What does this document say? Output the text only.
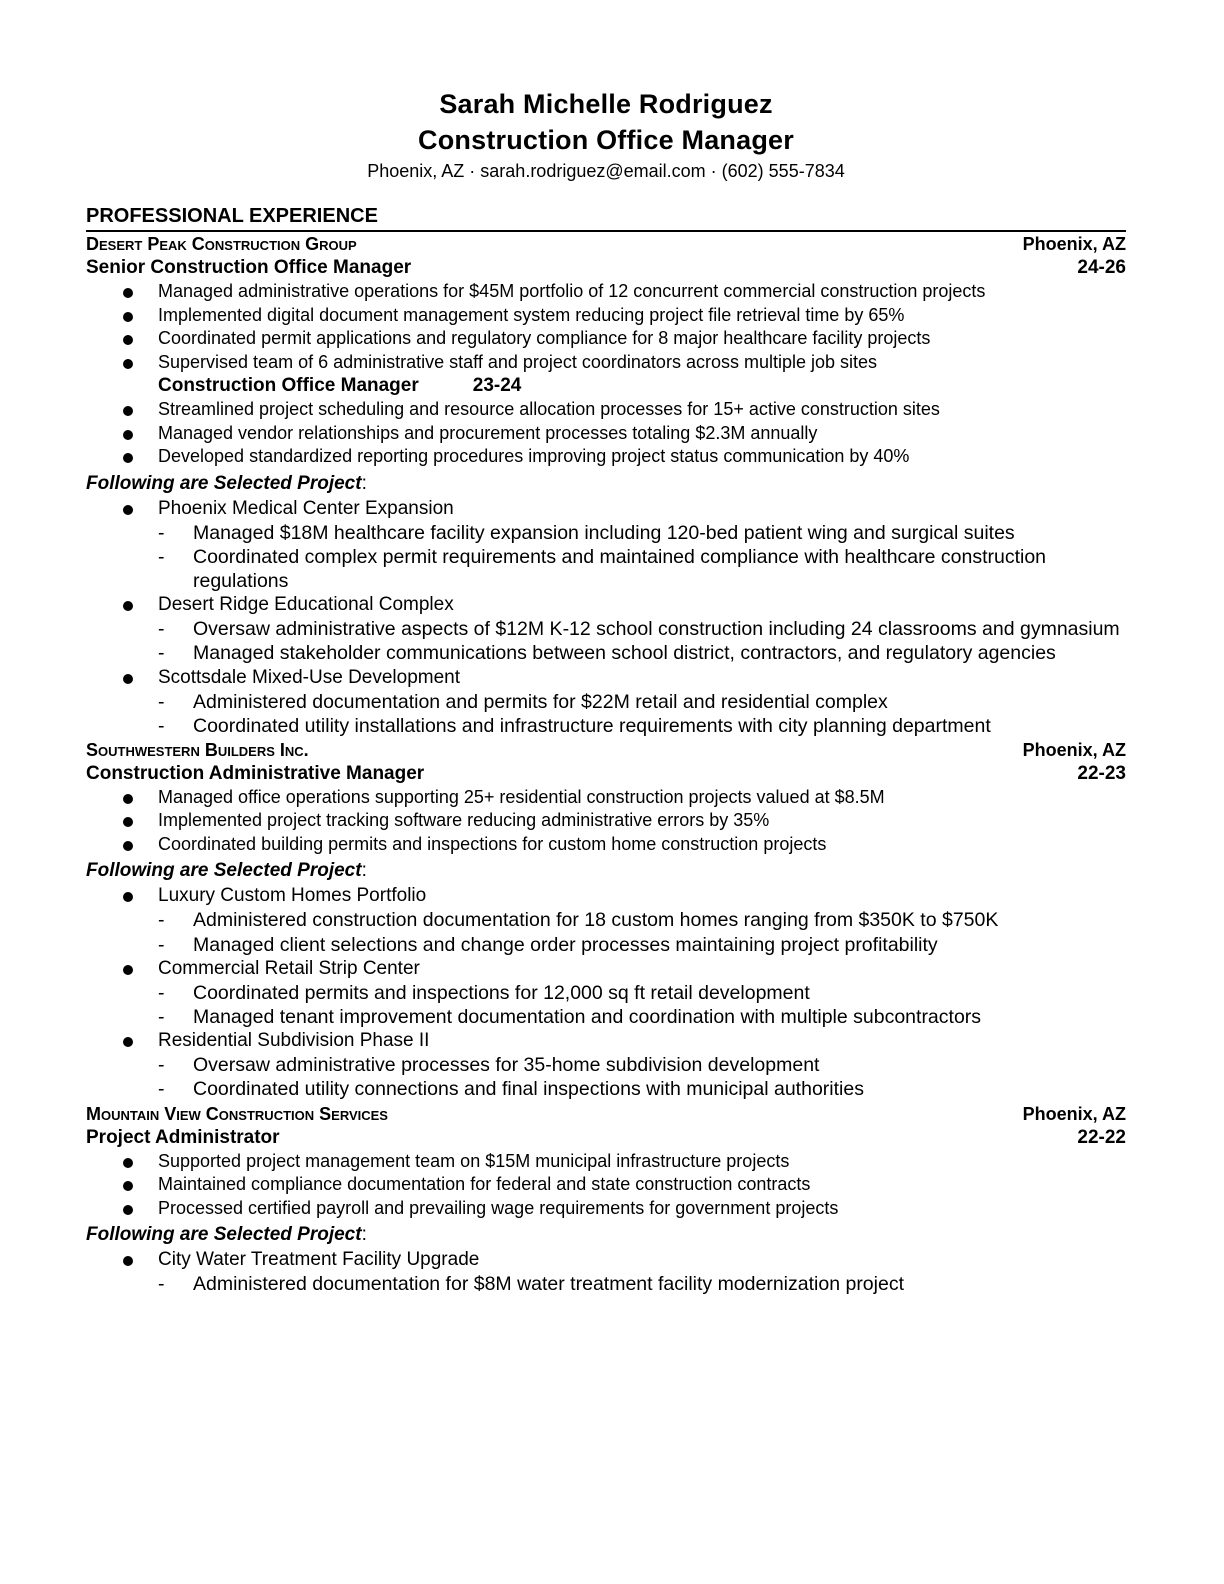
Sarah Michelle Rodriguez
Construction Office Manager
Phoenix, AZ · sarah.rodriguez@email.com · (602) 555-7834
PROFESSIONAL EXPERIENCE
Desert Peak Construction Group	Phoenix, AZ
Senior Construction Office Manager	24-26
Managed administrative operations for $45M portfolio of 12 concurrent commercial construction projects
Implemented digital document management system reducing project file retrieval time by 65%
Coordinated permit applications and regulatory compliance for 8 major healthcare facility projects
Supervised team of 6 administrative staff and project coordinators across multiple job sites
Construction Office Manager	23-24
Streamlined project scheduling and resource allocation processes for 15+ active construction sites
Managed vendor relationships and procurement processes totaling $2.3M annually
Developed standardized reporting procedures improving project status communication by 40%
Following are Selected Project:
Phoenix Medical Center Expansion
- Managed $18M healthcare facility expansion including 120-bed patient wing and surgical suites
- Coordinated complex permit requirements and maintained compliance with healthcare construction regulations
Desert Ridge Educational Complex
- Oversaw administrative aspects of $12M K-12 school construction including 24 classrooms and gymnasium
- Managed stakeholder communications between school district, contractors, and regulatory agencies
Scottsdale Mixed-Use Development
- Administered documentation and permits for $22M retail and residential complex
- Coordinated utility installations and infrastructure requirements with city planning department
Southwestern Builders Inc.	Phoenix, AZ
Construction Administrative Manager	22-23
Managed office operations supporting 25+ residential construction projects valued at $8.5M
Implemented project tracking software reducing administrative errors by 35%
Coordinated building permits and inspections for custom home construction projects
Following are Selected Project:
Luxury Custom Homes Portfolio
- Administered construction documentation for 18 custom homes ranging from $350K to $750K
- Managed client selections and change order processes maintaining project profitability
Commercial Retail Strip Center
- Coordinated permits and inspections for 12,000 sq ft retail development
- Managed tenant improvement documentation and coordination with multiple subcontractors
Residential Subdivision Phase II
- Oversaw administrative processes for 35-home subdivision development
- Coordinated utility connections and final inspections with municipal authorities
Mountain View Construction Services	Phoenix, AZ
Project Administrator	22-22
Supported project management team on $15M municipal infrastructure projects
Maintained compliance documentation for federal and state construction contracts
Processed certified payroll and prevailing wage requirements for government projects
Following are Selected Project:
City Water Treatment Facility Upgrade
- Administered documentation for $8M water treatment facility modernization project
